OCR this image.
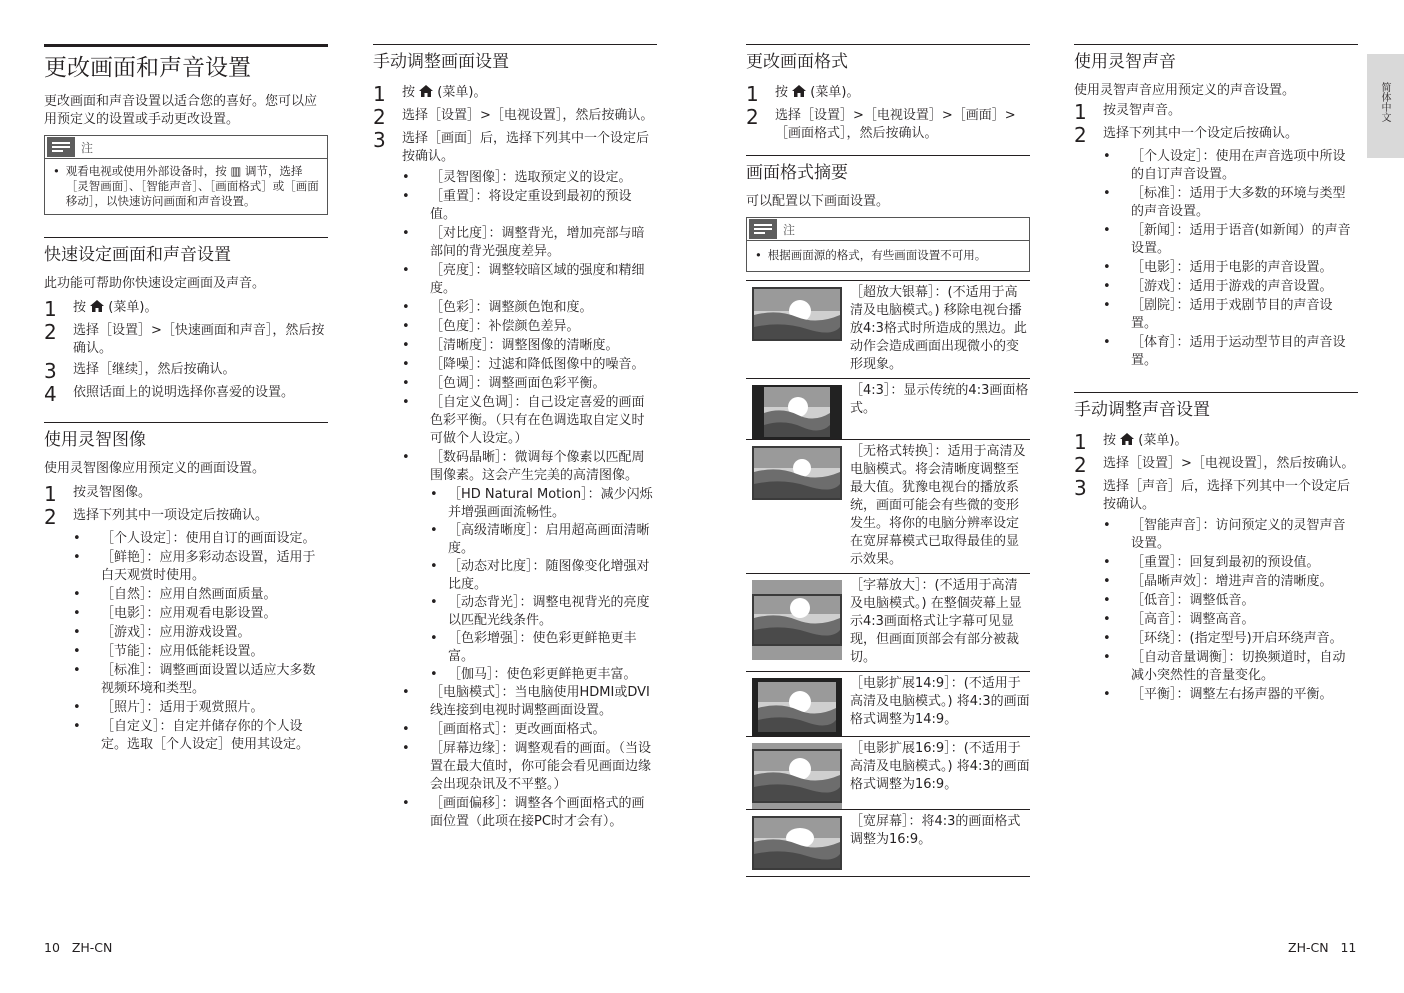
更改画面和声音设置

更改画面和声音设置以适合您的喜好。您可以应用预定义的设置或手动更改设置。

注
• 观看电视或使用外部设备时，按 ▥ 调节，选择［灵智画面］、［智能声音］、［画面格式］或［画面移动］，以快速访问画面和声音设置。
快速设定画面和声音设置

此功能可帮助你快速设定画面及声音。

1	按 (菜单)。
2	选择［设置］>［快速画面和声音］，然后按确认。
3	选择［继续］，然后按确认。
4	依照话面上的说明选择你喜爱的设置。
使用灵智图像

使用灵智图像应用预定义的画面设置。

1	按灵智图像。
2	选择下列其中一项设定后按确认。
•	［个人设定］：使用自订的画面设定。
•	［鲜艳］：应用多彩动态设置，适用于白天观赏时使用。
•	［自然］：应用自然画面质量。
•	［电影］：应用观看电影设置。
•	［游戏］：应用游戏设置。
•	［节能］：应用低能耗设置。
•	［标准］：调整画面设置以适应大多数视频环境和类型。
•	［照片］：适用于观赏照片。
•	［自定义］：自定并储存你的个人设定。选取［个人设定］使用其设定。
手动调整画面设置
1	按 (菜单)。
2	选择［设置］>［电视设置］，然后按确认。
3	选择［画面］后，选择下列其中一个设定后按确认。
•	［灵智图像］：选取预定义的设定。
•	［重置］：将设定重设到最初的预设值。
•	［对比度］：调整背光，增加亮部与暗部间的背光强度差异。
•	［亮度］：调整较暗区域的强度和精细度。
•	［色彩］：调整颜色饱和度。
•	［色度］：补偿颜色差异。
•	［清晰度］：调整图像的清晰度。
•	［降噪］：过滤和降低图像中的噪音。
•	［色调］：调整画面色彩平衡。
•	［自定义色调］：自己设定喜爱的画面色彩平衡。（只有在色调选取自定义时可做个人设定。）
•	［数码晶晰］：微调每个像素以匹配周围像素。这会产生完美的高清图像。
• ［HD Natural Motion］：减少闪烁并增强画面流畅性。
• ［高级清晰度］：启用超高画面清晰度。
• ［动态对比度］：随图像变化增强对比度。
• ［动态背光］：调整电视背光的亮度以匹配光线条件。
• ［色彩增强］：使色彩更鲜艳更丰富。
• ［伽马］：使色彩更鲜艳更丰富。
•	［电脑模式］：当电脑使用HDMI或DVI线连接到电视时调整画面设置。
•	［画面格式］：更改画面格式。
•	［屏幕边缘］：调整观看的画面。（当设置在最大值时，你可能会看见画面边缘会出现杂讯及不平整。）
•	［画面偏移］：调整各个画面格式的画面位置（此项在接PC时才会有）。
更改画面格式
1	按 (菜单)。
2	选择［设置］>［电视设置］>［画面］>［画面格式］，然后按确认。
画面格式摘要

可以配置以下画面设置。

注
• 根据画面源的格式，有些画面设置不可用。
［超放大银幕］：(不适用于高清及电脑模式。) 移除电视台播放4:3格式时所造成的黑边。此动作会造成画面出现微小的变形现象。
［4:3］：显示传统的4:3画面格式。
［无格式转换］：适用于高清及电脑模式。将会清晰度调整至最大值。犹豫电视台的播放系统，画面可能会有些微的变形发生。将你的电脑分辨率设定在宽屏幕模式已取得最佳的显示效果。
［字幕放大］：(不适用于高清及电脑模式。) 在整個荧幕上显示4:3画面格式让字幕可见显现，但画面顶部会有部分被裁切。
［电影扩展14:9］：(不适用于高清及电脑模式。) 将4:3的画面格式调整为14:9。
［电影扩展16:9］：(不适用于高清及电脑模式。) 将4:3的画面格式调整为16:9。
［宽屏幕］：将4:3的画面格式调整为16:9。
使用灵智声音

使用灵智声音应用预定义的声音设置。

1	按灵智声音。
2	选择下列其中一个设定后按确认。
•	［个人设定］：使用在声音选项中所设的自订声音设置。
•	［标准］：适用于大多数的环境与类型的声音设置。
•	［新闻］：适用于语音(如新闻）的声音设置。
•	［电影］：适用于电影的声音设置。
•	［游戏］：适用于游戏的声音设置。
•	［剧院］：适用于戏剧节目的声音设置。
•	［体育］：适用于运动型节目的声音设置。
手动调整声音设置
1	按 (菜单)。
2	选择［设置］>［电视设置］，然后按确认。
3	选择［声音］后，选择下列其中一个设定后按确认。
•	［智能声音］：访问预定义的灵智声音设置。
•	［重置］：回复到最初的预设值。
•	［晶晰声效］：增进声音的清晰度。
•	［低音］：调整低音。
•	［高音］：调整高音。
•	［环绕］：(指定型号)开启环绕声音。
•	［自动音量调衡］：切换频道时，自动减小突然性的音量变化。
•	［平衡］：调整左右扬声器的平衡。
简体中文
10 ZH-CN	ZH-CN 11
